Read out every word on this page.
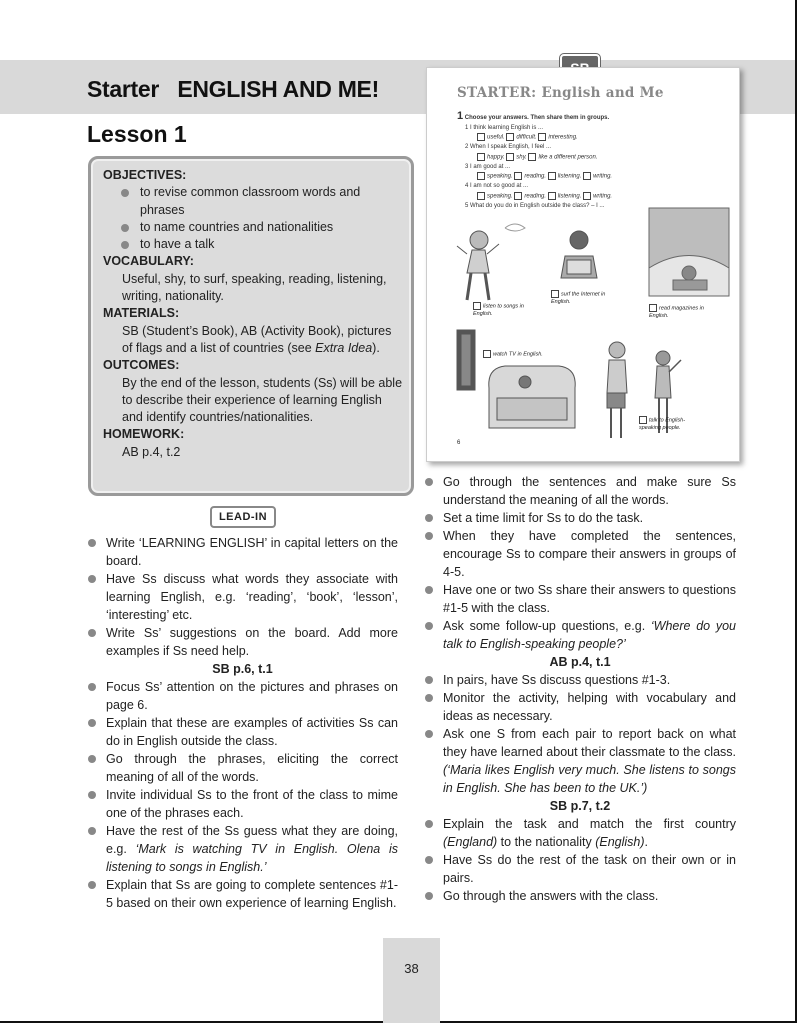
Starter   ENGLISH AND ME!
Lesson 1
OBJECTIVES:
to revise common classroom words and phrases
to name countries and nationalities
to have a talk
VOCABULARY:
Useful, shy, to surf, speaking, reading, listening, writing, nationality.
MATERIALS:
SB (Student’s Book), AB (Activity Book), pictures of flags and a list of countries (see Extra Idea).
OUTCOMES:
By the end of the lesson, students (Ss) will be able to describe their experience of learning English and identify countries/nationalities.
HOMEWORK:
AB p.4, t.2
LEAD-IN

Write ‘LEARNING ENGLISH’ in capital letters on the board.

Have Ss discuss what words they associate with learning English, e.g. ‘reading’, ‘book’, ‘lesson’, ‘interesting’ etc.

Write Ss’ suggestions on the board. Add more examples if Ss need help.

SB p.6, t.1

Focus Ss’ attention on the pictures and phrases on page 6.

Explain that these are examples of activities Ss can do in English outside the class.

Go through the phrases, eliciting the correct meaning of all of the words.

Invite individual Ss to the front of the class to mime one of the phrases each.

Have the rest of the Ss guess what they are doing, e.g. ‘Mark is watching TV in English. Olena is listening to songs in English.’

Explain that Ss are going to complete sentences #1-5 based on their own experience of learning English.

STARTER: English and Me
1 Choose your answers. Then share them in groups.
1 I think learning English is ...
useful. difficult. interesting.
2 When I speak English, I feel ...
happy. shy. like a different person.
3 I am good at ...
speaking. reading. listening. writing.
4 I am not so good at ...
speaking. reading. listening. writing.
5 What do you do in English outside the class? – I ...
listen to songs in English.
surf the Internet in English.
read magazines in English.
watch TV in English.
talk to English-speaking people.
6

Go through the sentences and make sure Ss understand the meaning of all the words.

Set a time limit for Ss to do the task.

When they have completed the sentences, encourage Ss to compare their answers in groups of 4-5.

Have one or two Ss share their answers to questions #1-5 with the class.

Ask some follow-up questions, e.g. ‘Where do you talk to English-speaking people?’

AB p.4, t.1

In pairs, have Ss discuss questions #1-3.

Monitor the activity, helping with vocabulary and ideas as necessary.

Ask one S from each pair to report back on what they have learned about their classmate to the class. (‘Maria likes English very much. She listens to songs in English. She has been to the UK.’)

SB p.7, t.2

Explain the task and match the first country (England) to the nationality (English).

Have Ss do the rest of the task on their own or in pairs.

Go through the answers with the class.

38
